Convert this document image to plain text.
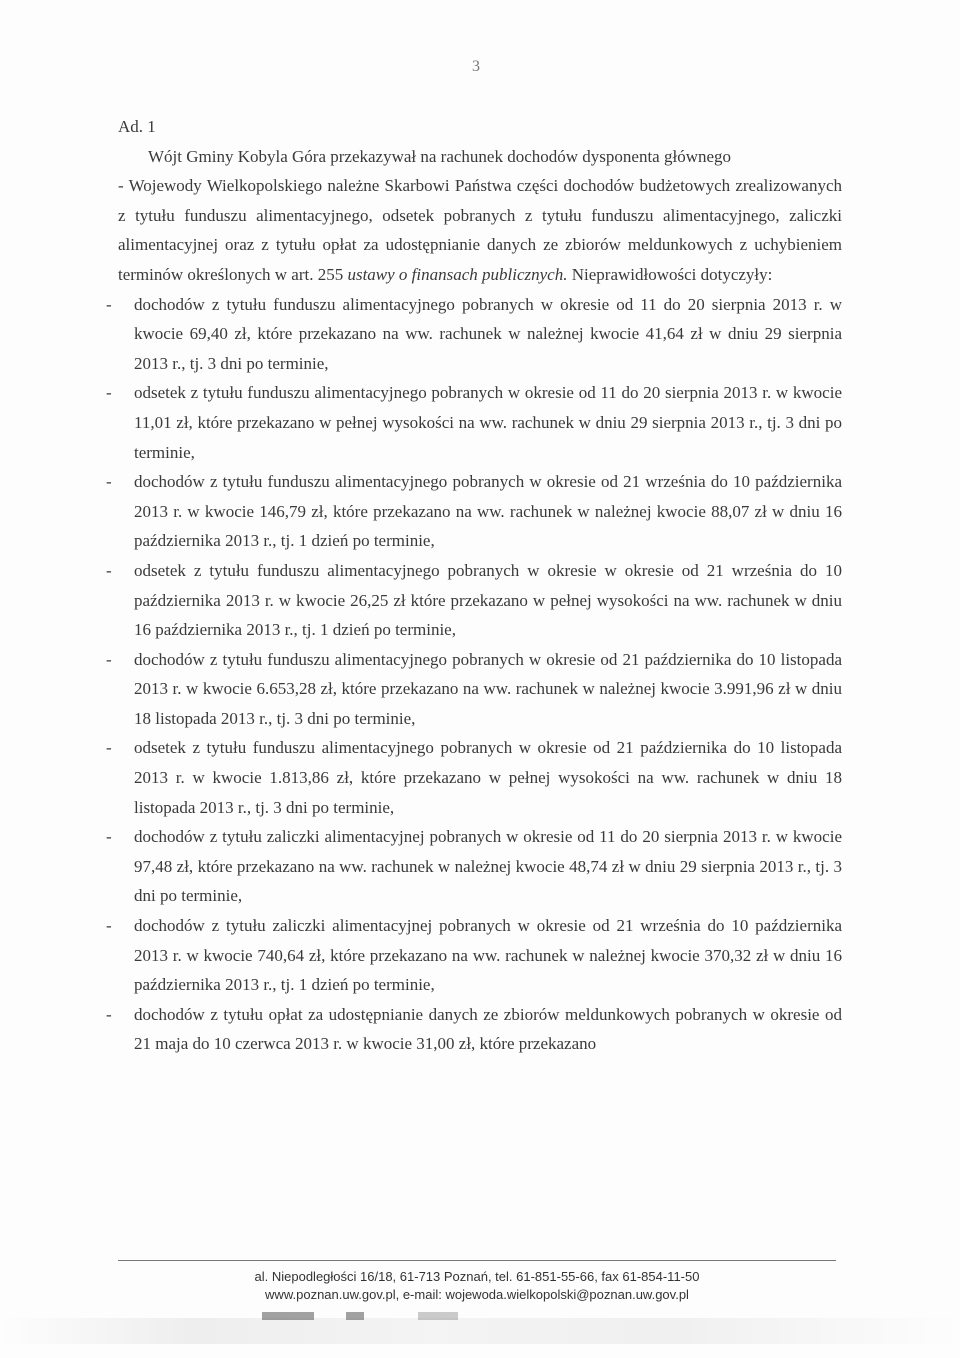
3

Ad. 1

Wójt Gminy Kobyla Góra przekazywał na rachunek dochodów dysponenta głównego

- Wojewody Wielkopolskiego należne Skarbowi Państwa części dochodów budżetowych zrealizowanych z tytułu funduszu alimentacyjnego, odsetek pobranych z tytułu funduszu alimentacyjnego, zaliczki alimentacyjnej oraz z tytułu opłat za udostępnianie danych ze zbiorów meldunkowych z uchybieniem terminów określonych w art. 255 ustawy o finansach publicznych. Nieprawidłowości dotyczyły:

- dochodów z tytułu funduszu alimentacyjnego pobranych w okresie od 11 do 20 sierpnia 2013 r. w kwocie 69,40 zł, które przekazano na ww. rachunek w należnej kwocie 41,64 zł w dniu 29 sierpnia 2013 r., tj. 3 dni po terminie,
- odsetek z tytułu funduszu alimentacyjnego pobranych w okresie od 11 do 20 sierpnia 2013 r. w kwocie 11,01 zł, które przekazano w pełnej wysokości na ww. rachunek w dniu 29 sierpnia 2013 r., tj. 3 dni po terminie,
- dochodów z tytułu funduszu alimentacyjnego pobranych w okresie od 21 września do 10 października 2013 r. w kwocie 146,79 zł, które przekazano na ww. rachunek w należnej kwocie 88,07 zł w dniu 16 października 2013 r., tj. 1 dzień po terminie,
- odsetek z tytułu funduszu alimentacyjnego pobranych w okresie w okresie od 21 września do 10 października 2013 r. w kwocie 26,25 zł które przekazano w pełnej wysokości na ww. rachunek w dniu 16 października 2013 r., tj. 1 dzień po terminie,
- dochodów z tytułu funduszu alimentacyjnego pobranych w okresie od 21 października do 10 listopada 2013 r. w kwocie 6.653,28 zł, które przekazano na ww. rachunek w należnej kwocie 3.991,96 zł w dniu 18 listopada 2013 r., tj. 3 dni po terminie,
- odsetek z tytułu funduszu alimentacyjnego pobranych w okresie od 21 października do 10 listopada 2013 r. w kwocie 1.813,86 zł, które przekazano w pełnej wysokości na ww. rachunek w dniu 18 listopada 2013 r., tj. 3 dni po terminie,
- dochodów z tytułu zaliczki alimentacyjnej pobranych w okresie od 11 do 20 sierpnia 2013 r. w kwocie 97,48 zł, które przekazano na ww. rachunek w należnej kwocie 48,74 zł w dniu 29 sierpnia 2013 r., tj. 3 dni po terminie,
- dochodów z tytułu zaliczki alimentacyjnej pobranych w okresie od 21 września do 10 października 2013 r. w kwocie 740,64 zł, które przekazano na ww. rachunek w należnej kwocie 370,32 zł w dniu 16 października 2013 r., tj. 1 dzień po terminie,
- dochodów z tytułu opłat za udostępnianie danych ze zbiorów meldunkowych pobranych w okresie od 21 maja do 10 czerwca 2013 r. w kwocie 31,00 zł, które przekazano
al. Niepodległości 16/18, 61-713 Poznań, tel. 61-851-55-66, fax 61-854-11-50
www.poznan.uw.gov.pl, e-mail: wojewoda.wielkopolski@poznan.uw.gov.pl
